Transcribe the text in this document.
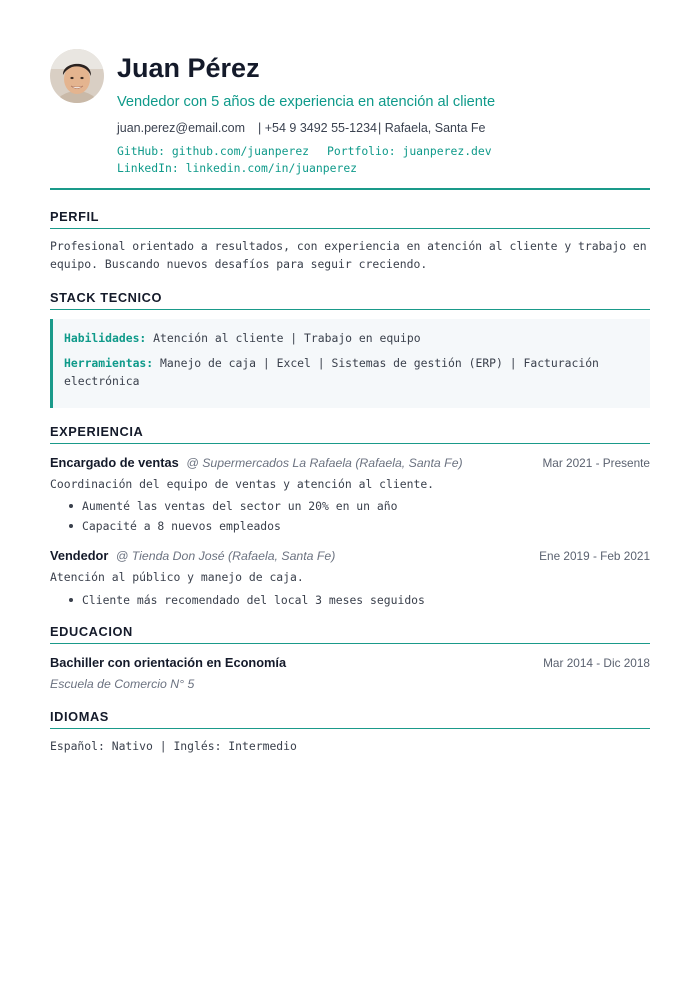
Juan Pérez
Vendedor con 5 años de experiencia en atención al cliente
juan.perez@email.com | +54 9 3492 55-1234 | Rafaela, Santa Fe
GitHub: github.com/juanperez Portfolio: juanperez.dev
LinkedIn: linkedin.com/in/juanperez
PERFIL
Profesional orientado a resultados, con experiencia en atención al cliente y trabajo en equipo. Buscando nuevos desafíos para seguir creciendo.
STACK TECNICO
Habilidades: Atención al cliente | Trabajo en equipo
Herramientas: Manejo de caja | Excel | Sistemas de gestión (ERP) | Facturación electrónica
EXPERIENCIA
Encargado de ventas @ Supermercados La Rafaela (Rafaela, Santa Fe)	Mar 2021 - Presente
Coordinación del equipo de ventas y atención al cliente.
Aumenté las ventas del sector un 20% en un año
Capacité a 8 nuevos empleados
Vendedor @ Tienda Don José (Rafaela, Santa Fe)	Ene 2019 - Feb 2021
Atención al público y manejo de caja.
Cliente más recomendado del local 3 meses seguidos
EDUCACION
Bachiller con orientación en Economía	Mar 2014 - Dic 2018
Escuela de Comercio N° 5
IDIOMAS
Español: Nativo | Inglés: Intermedio
